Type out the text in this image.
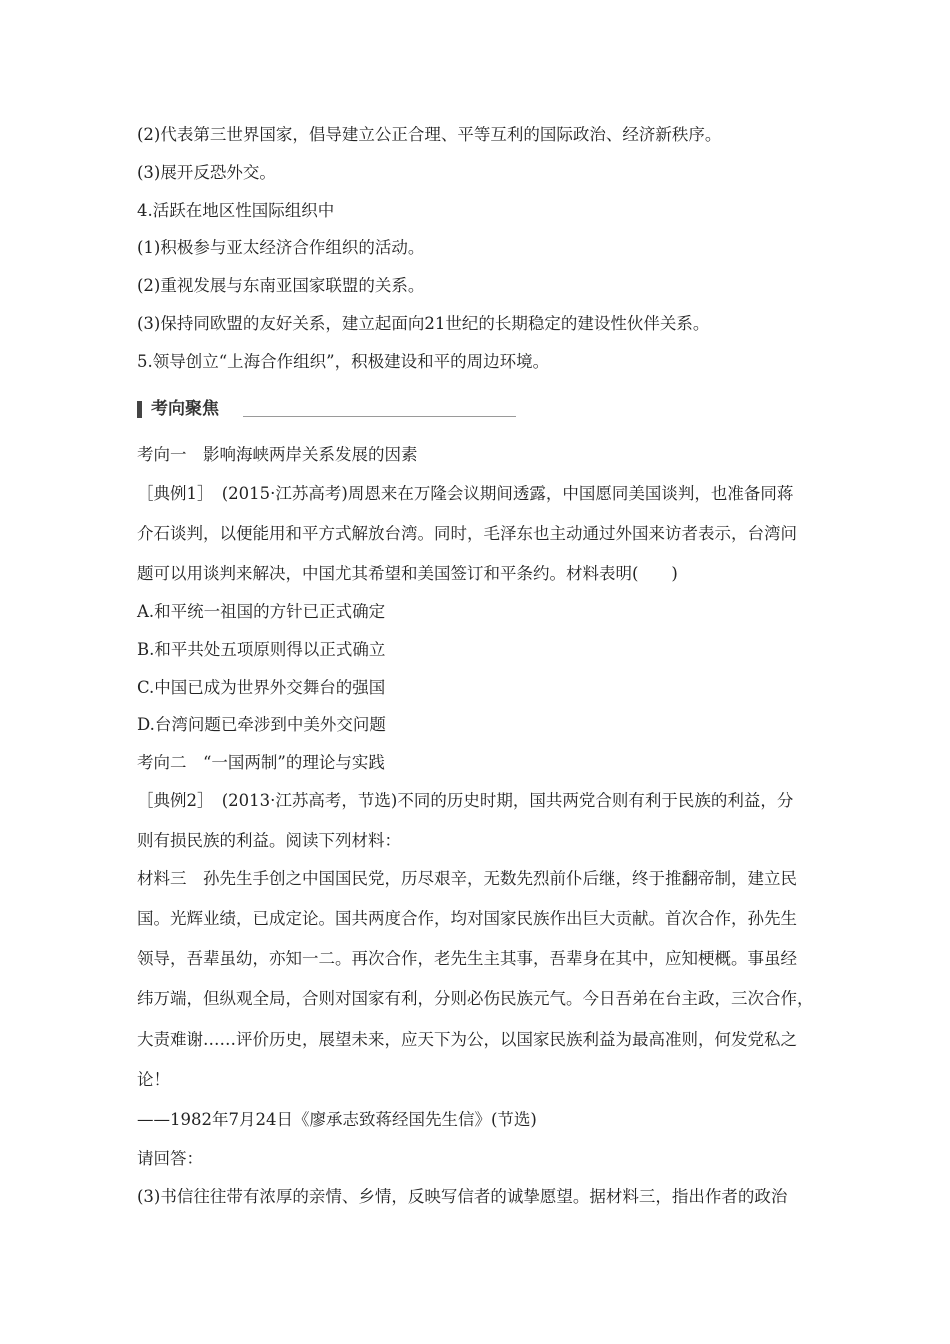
(2)代表第三世界国家，倡导建立公正合理、平等互利的国际政治、经济新秩序。
(3)展开反恐外交。
4.活跃在地区性国际组织中
(1)积极参与亚太经济合作组织的活动。
(2)重视发展与东南亚国家联盟的关系。
(3)保持同欧盟的友好关系，建立起面向21世纪的长期稳定的建设性伙伴关系。
5.领导创立“上海合作组织”，积极建设和平的周边环境。
考向聚焦
考向一　影响海峡两岸关系发展的因素
［典例1］　(2015·江苏高考)周恩来在万隆会议期间透露，中国愿同美国谈判，也准备同蒋
介石谈判，以便能用和平方式解放台湾。同时，毛泽东也主动通过外国来访者表示，台湾问
题可以用谈判来解决，中国尤其希望和美国签订和平条约。材料表明(　　)
A.和平统一祖国的方针已正式确定
B.和平共处五项原则得以正式确立
C.中国已成为世界外交舞台的强国
D.台湾问题已牵涉到中美外交问题
考向二　“一国两制”的理论与实践
［典例2］　(2013·江苏高考，节选)不同的历史时期，国共两党合则有利于民族的利益，分
则有损民族的利益。阅读下列材料：
材料三　孙先生手创之中国国民党，历尽艰辛，无数先烈前仆后继，终于推翻帝制，建立民
国。光辉业绩，已成定论。国共两度合作，均对国家民族作出巨大贡献。首次合作，孙先生
领导，吾辈虽幼，亦知一二。再次合作，老先生主其事，吾辈身在其中，应知梗概。事虽经
纬万端，但纵观全局，合则对国家有利，分则必伤民族元气。今日吾弟在台主政，三次合作，
大责难谢……评价历史，展望未来，应天下为公，以国家民族利益为最高准则，何发党私之
论！
——1982年7月24日《廖承志致蒋经国先生信》(节选)
请回答：
(3)书信往往带有浓厚的亲情、乡情，反映写信者的诚挚愿望。据材料三，指出作者的政治
